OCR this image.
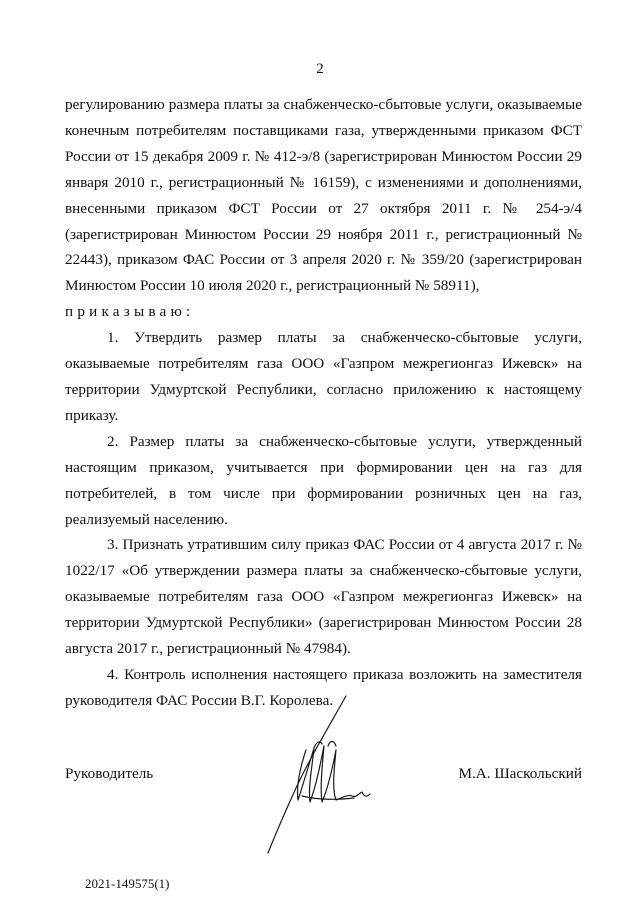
2

регулированию размера платы за снабженческо-сбытовые услуги, оказываемые конечным потребителям поставщиками газа, утвержденными приказом ФСТ России от 15 декабря 2009 г. № 412-э/8 (зарегистрирован Минюстом России 29 января 2010 г., регистрационный № 16159), с изменениями и дополнениями, внесенными приказом ФСТ России от 27 октября 2011 г. № 254-э/4 (зарегистрирован Минюстом России 29 ноября 2011 г., регистрационный № 22443), приказом ФАС России от 3 апреля 2020 г. № 359/20 (зарегистрирован Минюстом России 10 июля 2020 г., регистрационный № 58911),

приказываю:

1. Утвердить размер платы за снабженческо-сбытовые услуги, оказываемые потребителям газа ООО «Газпром межрегионгаз Ижевск» на территории Удмуртской Республики, согласно приложению к настоящему приказу.

2. Размер платы за снабженческо-сбытовые услуги, утвержденный настоящим приказом, учитывается при формировании цен на газ для потребителей, в том числе при формировании розничных цен на газ, реализуемый населению.

3. Признать утратившим силу приказ ФАС России от 4 августа 2017 г. № 1022/17 «Об утверждении размера платы за снабженческо-сбытовые услуги, оказываемые потребителям газа ООО «Газпром межрегионгаз Ижевск» на территории Удмуртской Республики» (зарегистрирован Минюстом России 28 августа 2017 г., регистрационный № 47984).

4. Контроль исполнения настоящего приказа возложить на заместителя руководителя ФАС России В.Г. Королева.

Руководитель	М.А. Шаскольский
2021-149575(1)
